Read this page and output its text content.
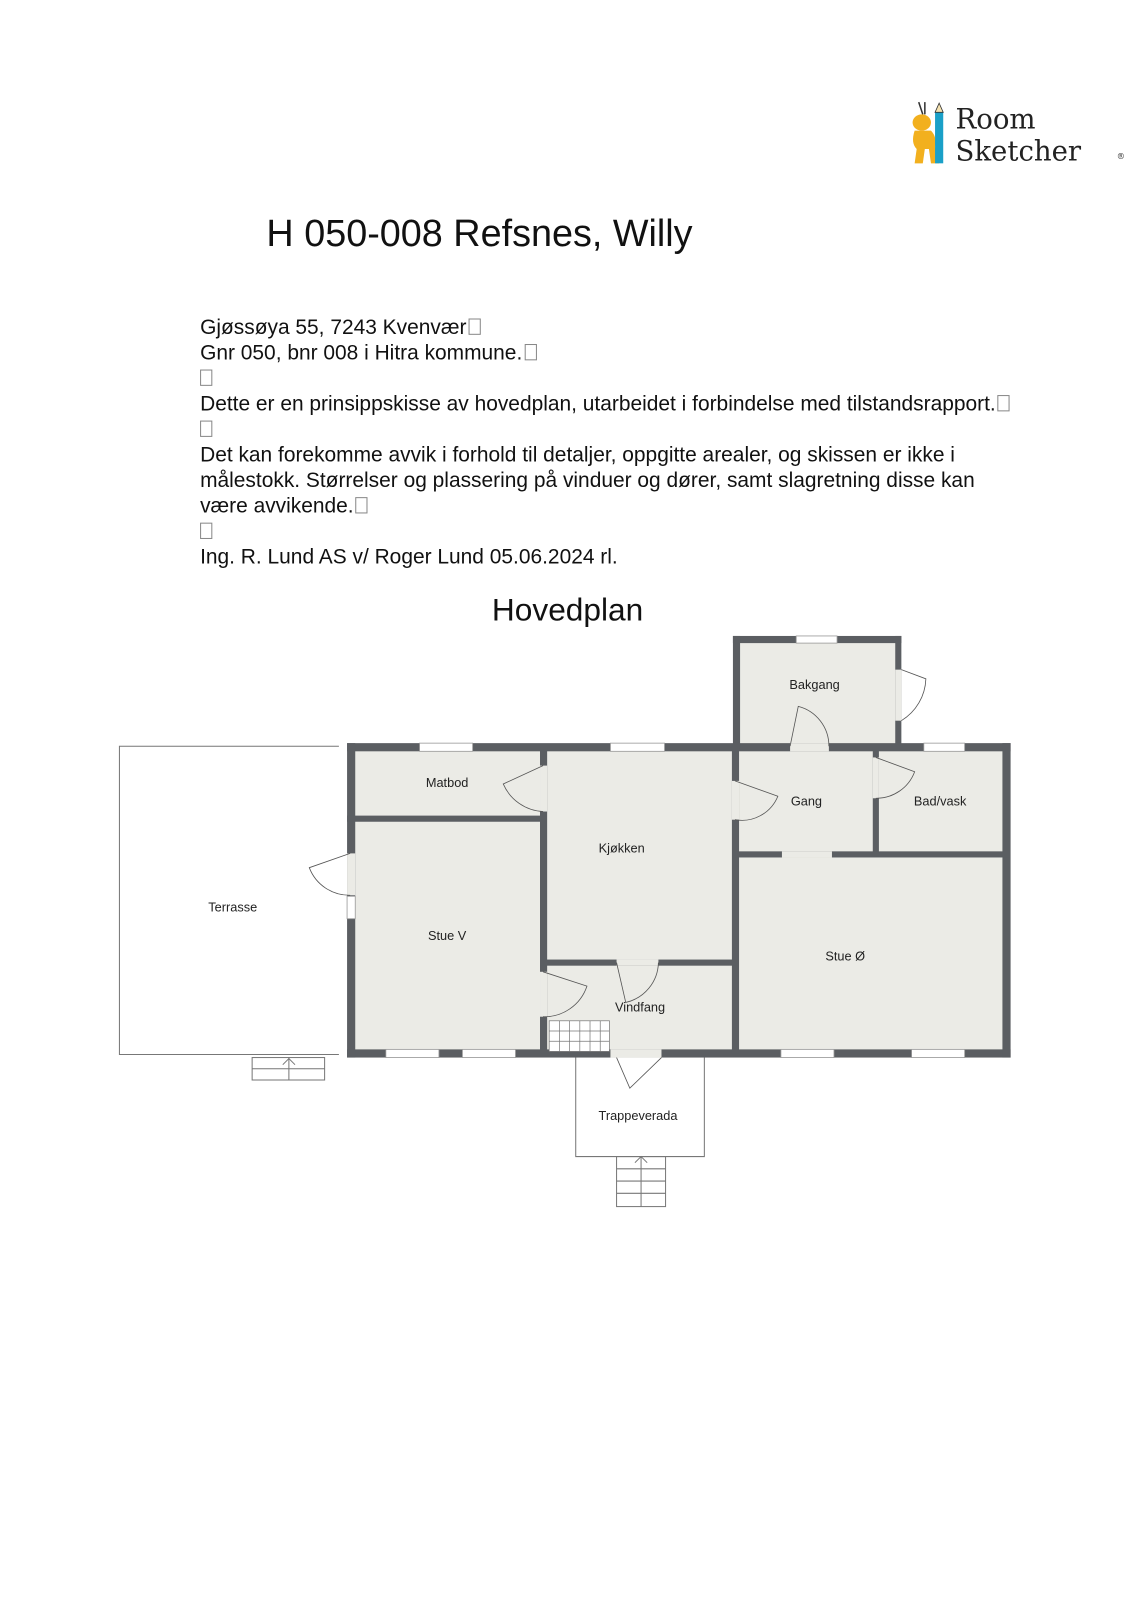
Room
Sketcher	®
H 050-008 Refsnes, Willy
Gjøssøya 55, 7243 Kvenvær
Gnr 050, bnr 008 i Hitra kommune.
Dette er en prinsippskisse av hovedplan, utarbeidet i forbindelse med tilstandsrapport.
Det kan forekomme avvik i forhold til detaljer, oppgitte arealer, og skissen er ikke i
målestokk. Størrelser og plassering på vinduer og dører, samt slagretning disse kan
være avvikende.
Ing. R. Lund AS v/ Roger Lund 05.06.2024 rl.
Hovedplan
Bakgang
Matbod
Kjøkken
Gang	Bad/vask
Terrasse
Stue V
Stue Ø
Vindfang
Trappeverada
